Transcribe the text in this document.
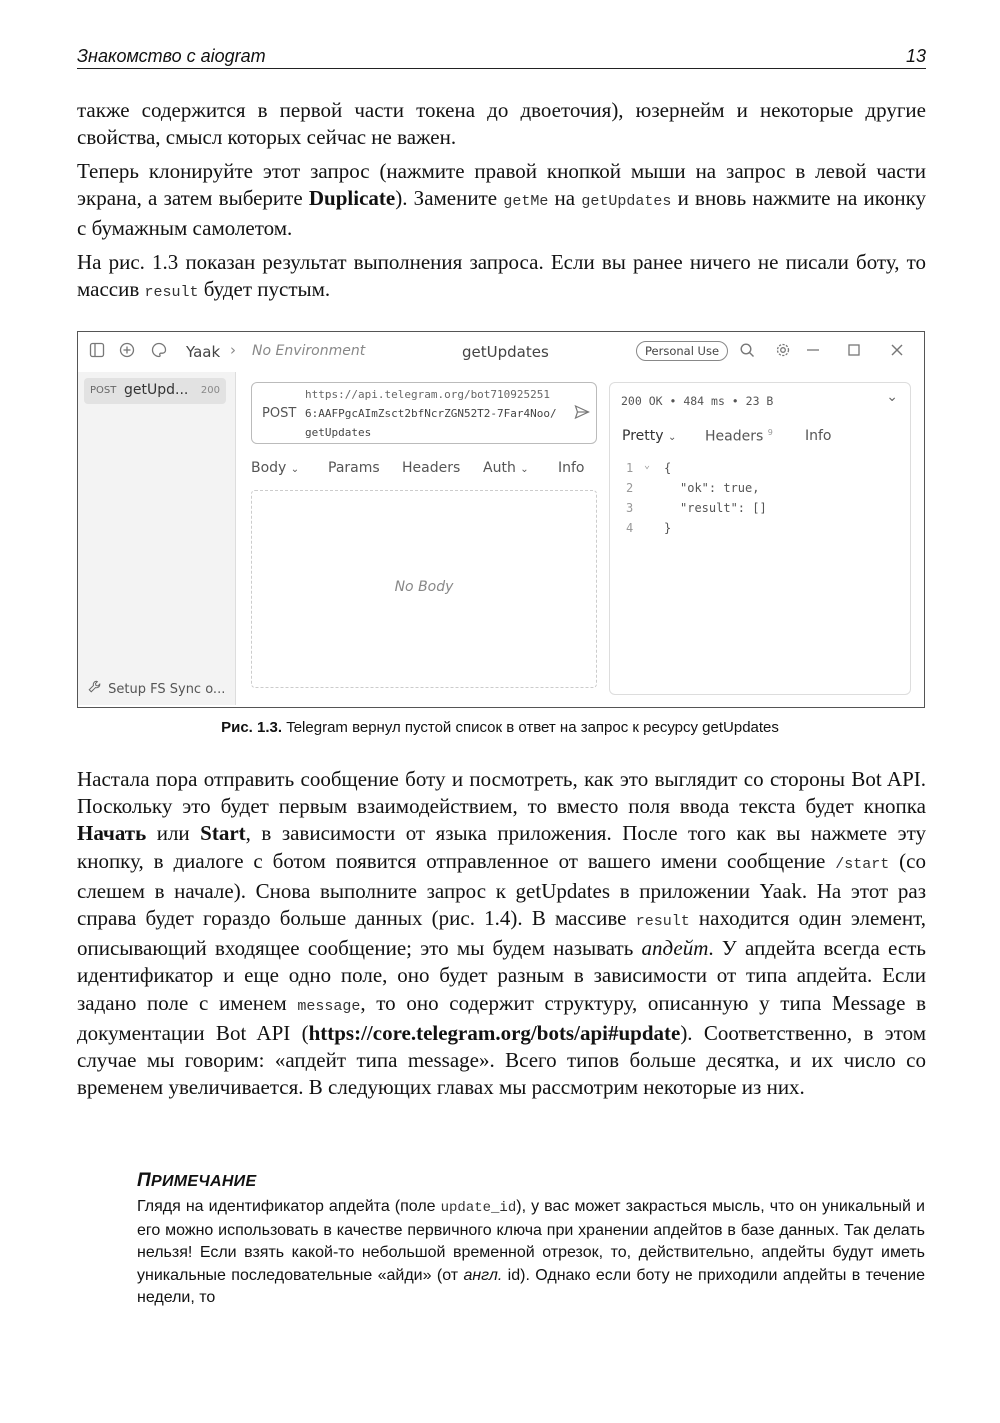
Знакомство с aiogram	13
также содержится в первой части токена до двоеточия), юзернейм и некоторые другие свойства, смысл которых сейчас не важен.
Теперь клонируйте этот запрос (нажмите правой кнопкой мыши на запрос в левой части экрана, а затем выберите Duplicate). Замените getMe на getUpdates и вновь нажмите на иконку с бумажным самолетом.
На рис. 1.3 показан результат выполнения запроса. Если вы ранее ничего не писали боту, то массив result будет пустым.
Yaak › No Environment	getUpdates	Personal Use
POST getUpd... 200
Setup FS Sync o...
POST
https://api.telegram.org/bot710925251
6:AAFPgcAImZsct2bfNcrZGN52T2-7Far4Noo/
getUpdates
Body ⌄ Params Headers Auth ⌄ Info
No Body
200 OK • 484 ms • 23 B	⌄
Pretty ⌄ Headers $^9$ Info
1
2
3
4
⌄ {
"ok": true,
"result": []
}
Рис. 1.3. Telegram вернул пустой список в ответ на запрос к ресурсу getUpdates
Настала пора отправить сообщение боту и посмотреть, как это выглядит со стороны Bot API. Поскольку это будет первым взаимодействием, то вместо поля ввода текста будет кнопка Начать или Start, в зависимости от языка приложения. После того как вы нажмете эту кнопку, в диалоге с ботом появится отправленное от вашего имени сообщение /start (со слешем в начале). Снова выполните запрос к getUpdates в приложении Yaak. На этот раз справа будет гораздо больше данных (рис. 1.4). В массиве result находится один элемент, описывающий входящее сообщение; это мы будем называть апдейт. У апдейта всегда есть идентификатор и еще одно поле, оно будет разным в зависимости от типа апдейта. Если задано поле с именем message, то оно содержит структуру, описанную у типа Message в документации Bot API (https://core.telegram.org/bots/api#update). Соответственно, в этом случае мы говорим: «апдейт типа message». Всего типов больше десятка, и их число со временем увеличивается. В следующих главах мы рассмотрим некоторые из них.
ПРИМЕЧАНИЕ
Глядя на идентификатор апдейта (поле update_id), у вас может закрасться мысль, что он уникальный и его можно использовать в качестве первичного ключа при хранении апдейтов в базе данных. Так делать нельзя! Если взять какой-то небольшой временной отрезок, то, действительно, апдейты будут иметь уникальные последовательные «айди» (от англ. id). Однако если боту не приходили апдейты в течение недели, то
